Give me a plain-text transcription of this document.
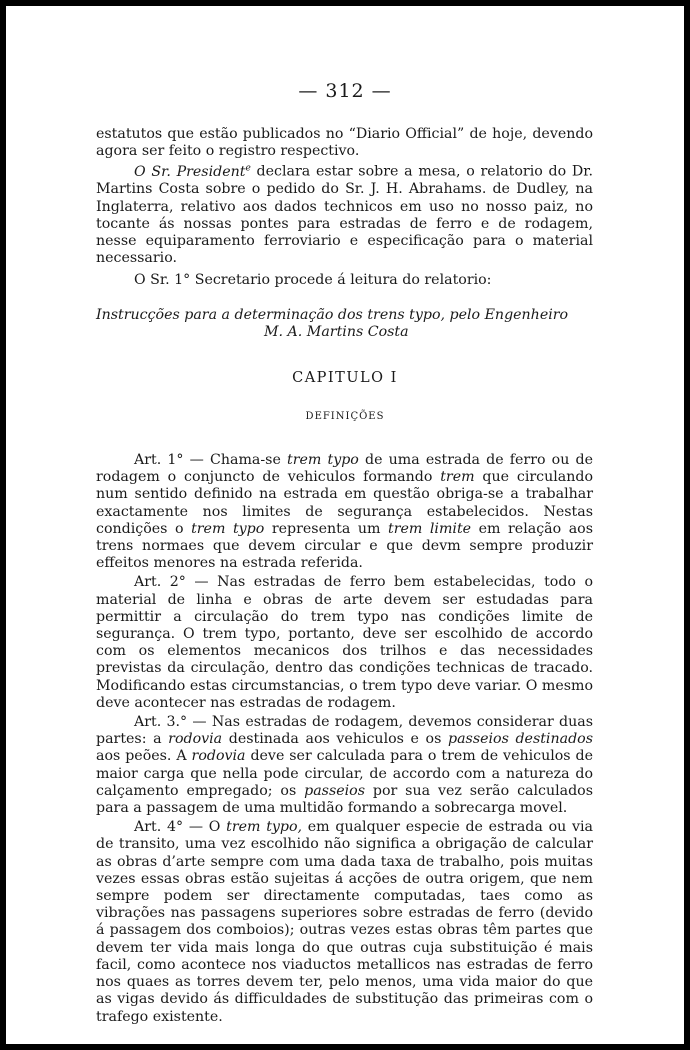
— 312 —

estatutos que estão publicados no “Diario Official” de hoje, devendo agora ser feito o registro respectivo.

O Sr. President$^e$ declara estar sobre a mesa, o relatorio do Dr. Martins Costa sobre o pedido do Sr. J. H. Abrahams. de Dudley, na Inglaterra, relativo aos dados technicos em uso no nosso paiz, no tocante ás nossas pontes para estradas de ferro e de rodagem, nesse equiparamento ferroviario e especificação para o material necessario.

O Sr. 1° Secretario procede á leitura do relatorio:
Instrucções para a determinação dos trens typo, pelo Engenheiro
M. A. Martins Costa
CAPITULO I
DEFINIÇÕES

Art. 1° — Chama-se trem typo de uma estrada de ferro ou de rodagem o conjuncto de vehiculos formando trem que circulando num sentido definido na estrada em questão obriga-se a trabalhar exactamente nos limites de segurança estabelecidos. Nestas condições o trem typo representa um trem limite em relação aos trens normaes que devem circular e que devm sempre produzir effeitos menores na estrada referida.

Art. 2° — Nas estradas de ferro bem estabelecidas, todo o material de linha e obras de arte devem ser estudadas para permittir a circulação do trem typo nas condições limite de segurança. O trem typo, portanto, deve ser escolhido de accordo com os elementos mecanicos dos trilhos e das necessidades previstas da circulação, dentro das condições technicas de tracado. Modificando estas circumstancias, o trem typo deve variar. O mesmo deve acontecer nas estradas de rodagem.

Art. 3.° — Nas estradas de rodagem, devemos considerar duas partes: a rodovia destinada aos vehiculos e os passeios destinados aos peões. A rodovia deve ser calculada para o trem de vehiculos de maior carga que nella pode circular, de accordo com a natureza do calçamento empregado; os passeios por sua vez serão calculados para a passagem de uma multidão formando a sobrecarga movel.

Art. 4° — O trem typo, em qualquer especie de estrada ou via de transito, uma vez escolhido não significa a obrigação de calcular as obras d’arte sempre com uma dada taxa de trabalho, pois muitas vezes essas obras estão sujeitas á acções de outra origem, que nem sempre podem ser directamente computadas, taes como as vibrações nas passagens superiores sobre estradas de ferro (devido á passagem dos comboios); outras vezes estas obras têm partes que devem ter vida mais longa do que outras cuja substituição é mais facil, como acontece nos viaductos metallicos nas estradas de ferro nos quaes as torres devem ter, pelo menos, uma vida maior do que as vigas devido ás difficuldades de substitução das primeiras com o trafego existente.
